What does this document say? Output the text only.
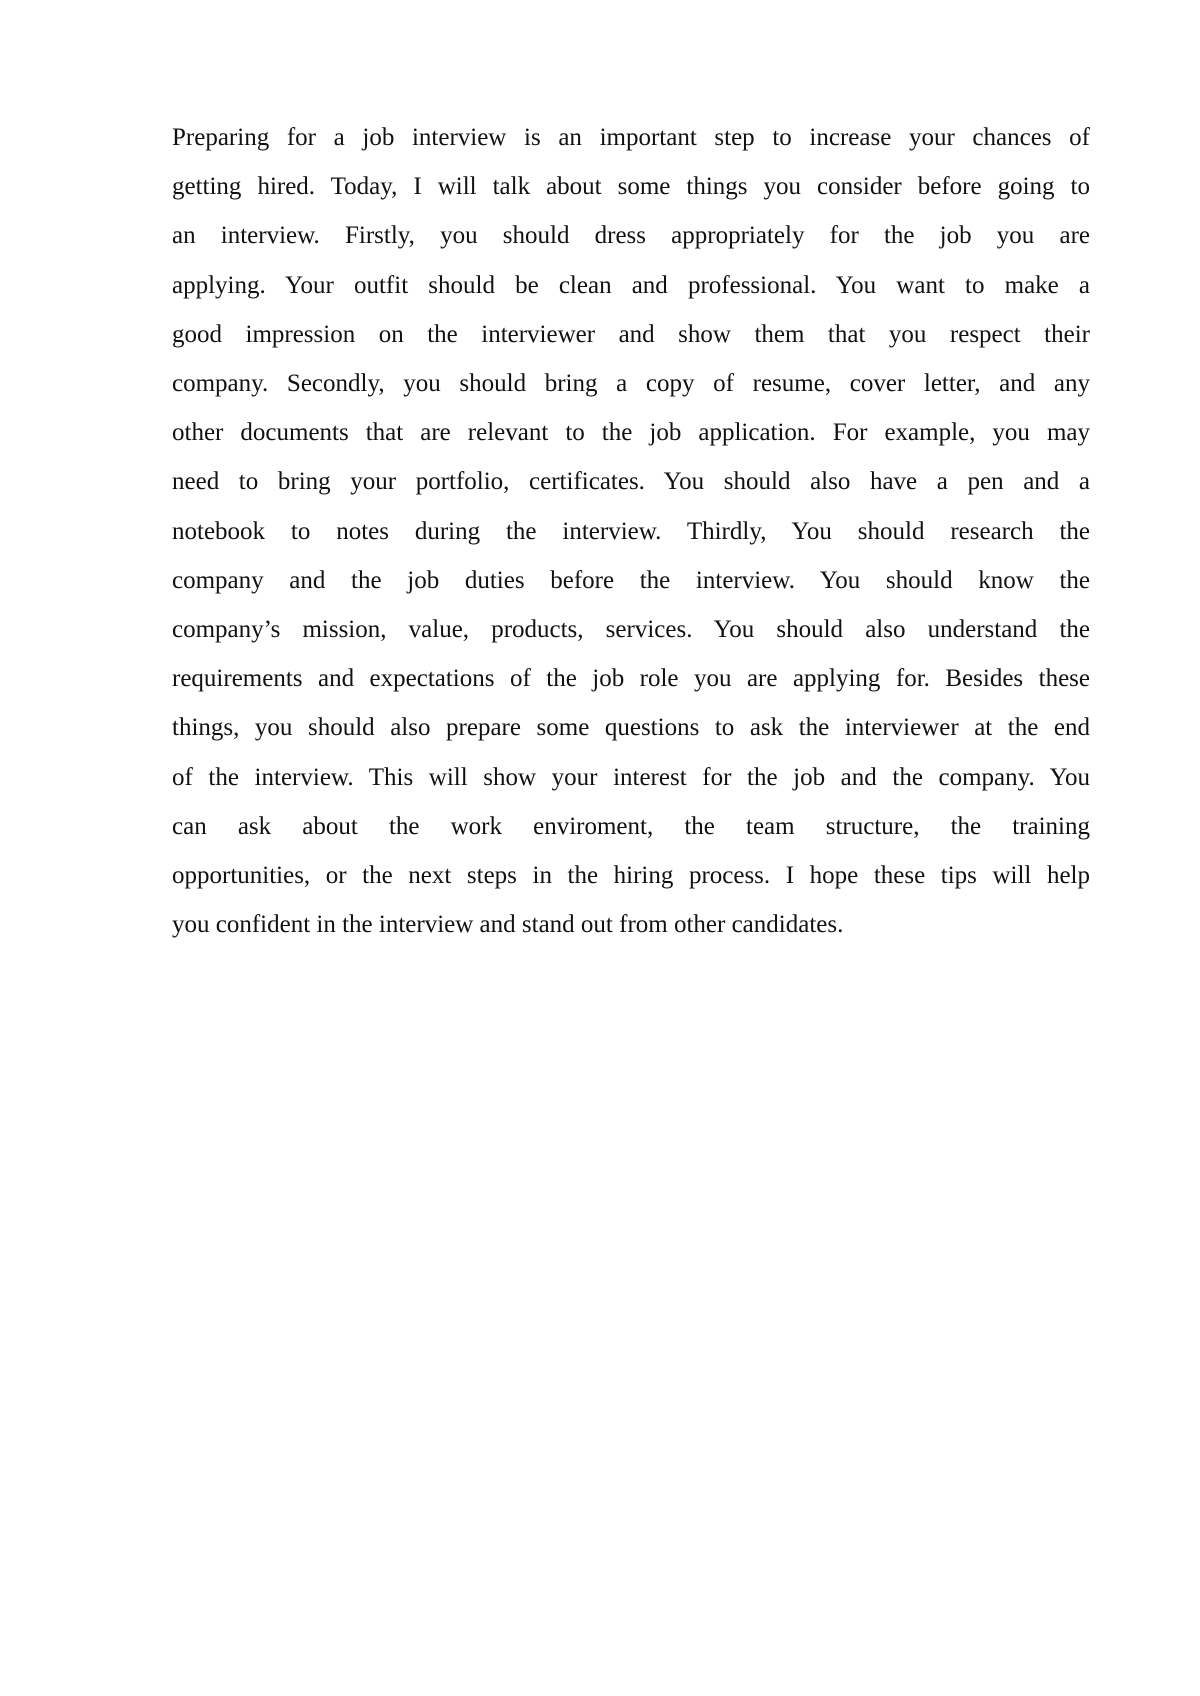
Preparing for a job interview is an important step to increase your chances of
getting hired. Today, I will talk about some things you consider before going to
an interview. Firstly, you should dress appropriately for the job you are
applying. Your outfit should be clean and professional. You want to make a
good impression on the interviewer and show them that you respect their
company. Secondly, you should bring a copy of resume, cover letter, and any
other documents that are relevant to the job application. For example, you may
need to bring your portfolio, certificates. You should also have a pen and a
notebook to notes during the interview. Thirdly, You should research the
company and the job duties before the interview. You should know the
company’s mission, value, products, services. You should also understand the
requirements and expectations of the job role you are applying for. Besides these
things, you should also prepare some questions to ask the interviewer at the end
of the interview. This will show your interest for the job and the company. You
can ask about the work enviroment, the team structure, the training
opportunities, or the next steps in the hiring process. I hope these tips will help
you confident in the interview and stand out from other candidates.
